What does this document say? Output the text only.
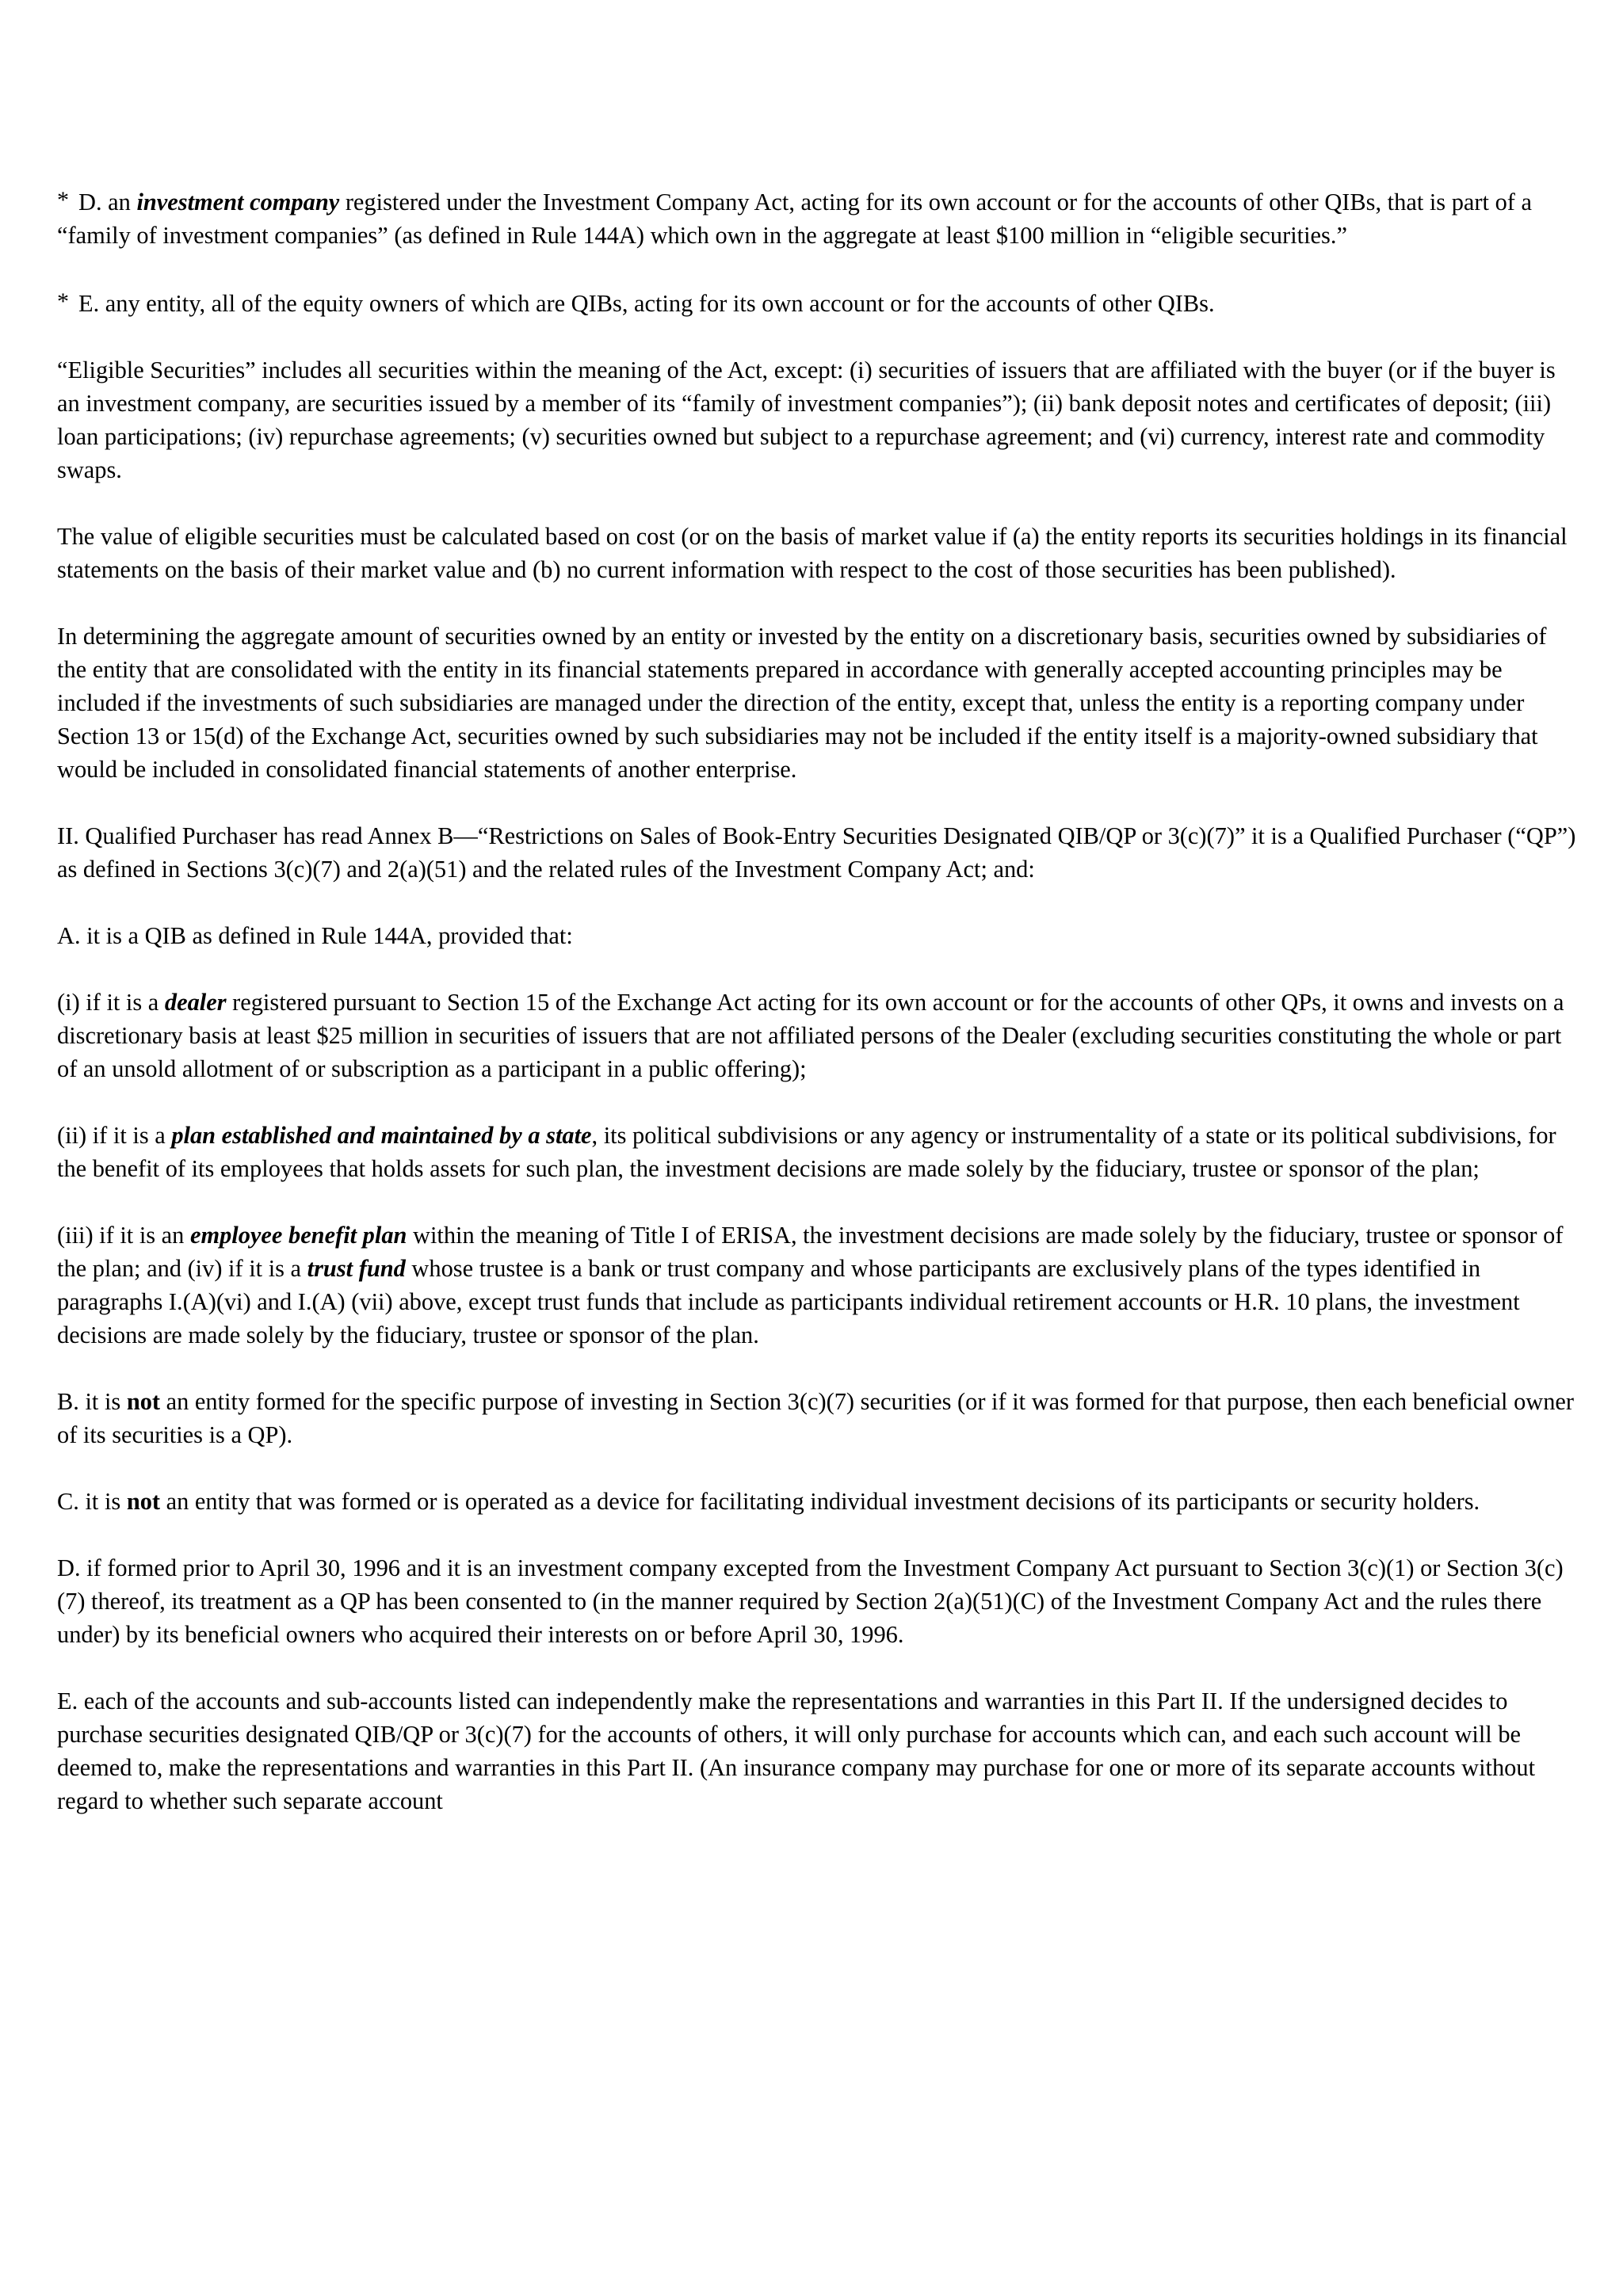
* D. an investment company registered under the Investment Company Act, acting for its own account or for the accounts of other QIBs, that is part of a “family of investment companies” (as defined in Rule 144A) which own in the aggregate at least $100 million in “eligible securities.”

* E. any entity, all of the equity owners of which are QIBs, acting for its own account or for the accounts of other QIBs.

“Eligible Securities” includes all securities within the meaning of the Act, except: (i) securities of issuers that are affiliated with the buyer (or if the buyer is an investment company, are securities issued by a member of its “family of investment companies”); (ii) bank deposit notes and certificates of deposit; (iii) loan participations; (iv) repurchase agreements; (v) securities owned but subject to a repurchase agreement; and (vi) currency, interest rate and commodity swaps.

The value of eligible securities must be calculated based on cost (or on the basis of market value if (a) the entity reports its securities holdings in its financial statements on the basis of their market value and (b) no current information with respect to the cost of those securities has been published).

In determining the aggregate amount of securities owned by an entity or invested by the entity on a discretionary basis, securities owned by subsidiaries of the entity that are consolidated with the entity in its financial statements prepared in accordance with generally accepted accounting principles may be included if the investments of such subsidiaries are managed under the direction of the entity, except that, unless the entity is a reporting company under Section 13 or 15(d) of the Exchange Act, securities owned by such subsidiaries may not be included if the entity itself is a majority-owned subsidiary that would be included in consolidated financial statements of another enterprise.

II. Qualified Purchaser has read Annex B—“Restrictions on Sales of Book-Entry Securities Designated QIB/QP or 3(c)(7)” it is a Qualified Purchaser (“QP”) as defined in Sections 3(c)(7) and 2(a)(51) and the related rules of the Investment Company Act; and:

A. it is a QIB as defined in Rule 144A, provided that:

(i) if it is a dealer registered pursuant to Section 15 of the Exchange Act acting for its own account or for the accounts of other QPs, it owns and invests on a discretionary basis at least $25 million in securities of issuers that are not affiliated persons of the Dealer (excluding securities constituting the whole or part of an unsold allotment of or subscription as a participant in a public offering);

(ii) if it is a plan established and maintained by a state, its political subdivisions or any agency or instrumentality of a state or its political subdivisions, for the benefit of its employees that holds assets for such plan, the investment decisions are made solely by the fiduciary, trustee or sponsor of the plan;

(iii) if it is an employee benefit plan within the meaning of Title I of ERISA, the investment decisions are made solely by the fiduciary, trustee or sponsor of the plan; and (iv) if it is a trust fund whose trustee is a bank or trust company and whose participants are exclusively plans of the types identified in paragraphs I.(A)(vi) and I.(A) (vii) above, except trust funds that include as participants individual retirement accounts or H.R. 10 plans, the investment decisions are made solely by the fiduciary, trustee or sponsor of the plan.

B. it is not an entity formed for the specific purpose of investing in Section 3(c)(7) securities (or if it was formed for that purpose, then each beneficial owner of its securities is a QP).

C. it is not an entity that was formed or is operated as a device for facilitating individual investment decisions of its participants or security holders.

D. if formed prior to April 30, 1996 and it is an investment company excepted from the Investment Company Act pursuant to Section 3(c)(1) or Section 3(c)(7) thereof, its treatment as a QP has been consented to (in the manner required by Section 2(a)(51)(C) of the Investment Company Act and the rules there under) by its beneficial owners who acquired their interests on or before April 30, 1996.

E. each of the accounts and sub-accounts listed can independently make the representations and warranties in this Part II. If the undersigned decides to purchase securities designated QIB/QP or 3(c)(7) for the accounts of others, it will only purchase for accounts which can, and each such account will be deemed to, make the representations and warranties in this Part II. (An insurance company may purchase for one or more of its separate accounts without regard to whether such separate account
